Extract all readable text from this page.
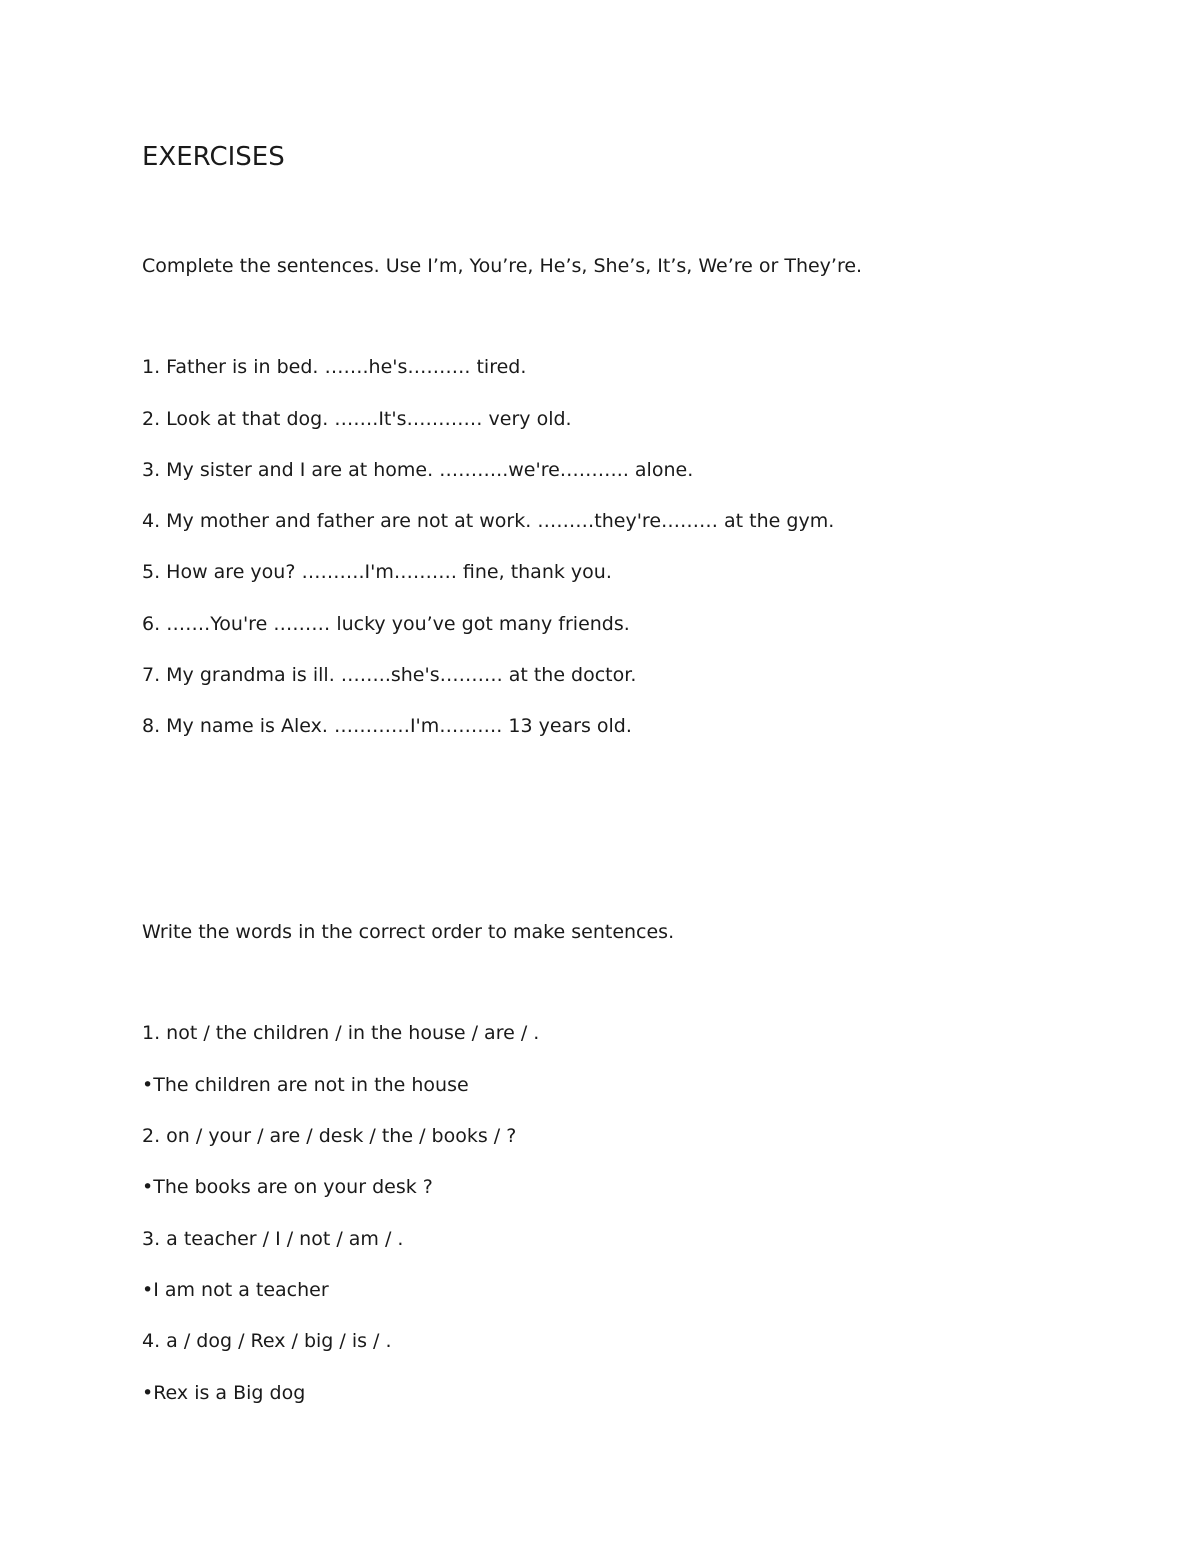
EXERCISES
Complete the sentences. Use I’m, You’re, He’s, She’s, It’s, We’re or They’re.
1. Father is in bed. …….he's………. tired.
2. Look at that dog. …….It's………… very old.
3. My sister and I are at home. ………..we're……….. alone.
4. My mother and father are not at work. ………they're……… at the gym.
5. How are you? ……….I'm………. fine, thank you.
6. …….You're ……… lucky you’ve got many friends.
7. My grandma is ill. ……..she's………. at the doctor.
8. My name is Alex. …………I'm………. 13 years old.
Write the words in the correct order to make sentences.
1. not / the children / in the house / are / .
•The children are not in the house
2. on / your / are / desk / the / books / ?
•The books are on your desk ?
3. a teacher / I / not / am / .
•I am not a teacher
4. a / dog / Rex / big / is / .
•Rex is a Big dog
